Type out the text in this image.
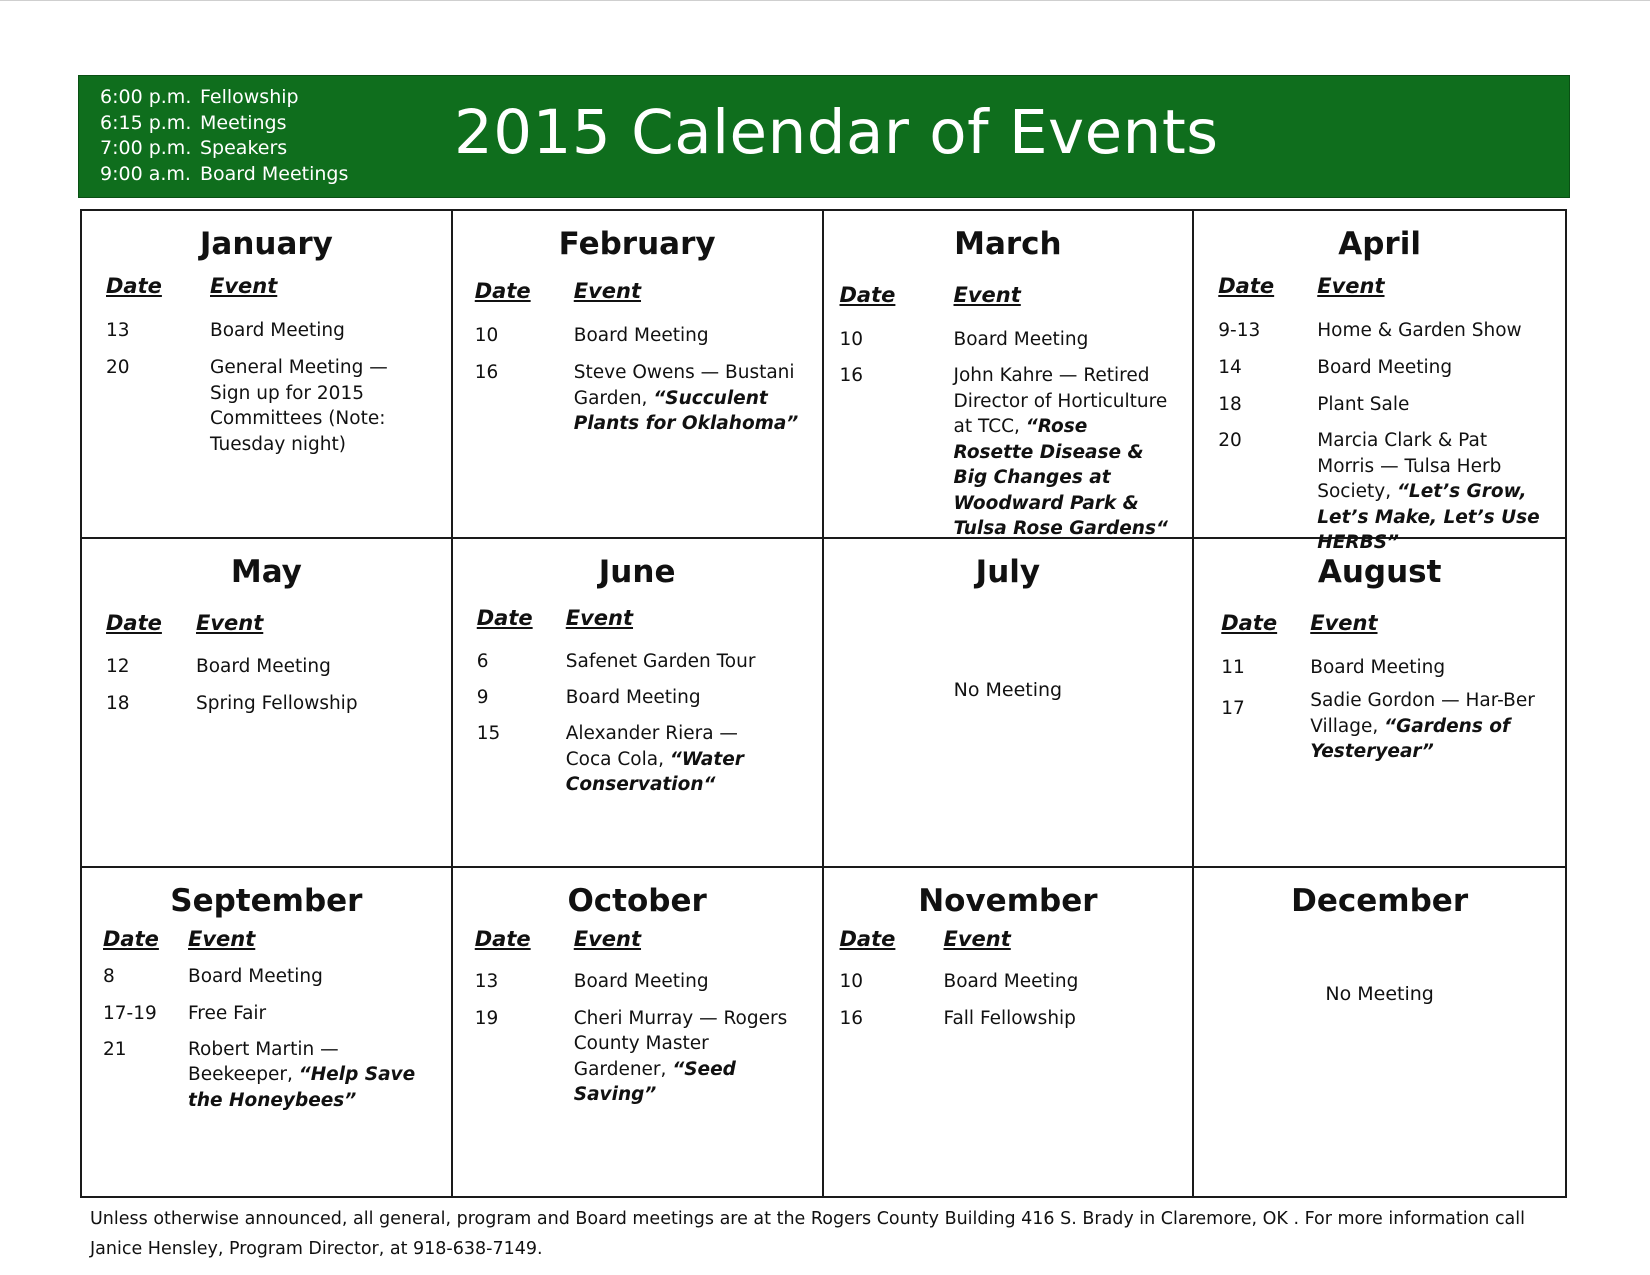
6:00 p.m. Fellowship
6:15 p.m. Meetings
7:00 p.m. Speakers
9:00 a.m. Board Meetings
2015 Calendar of Events
January
Date Event
13	Board Meeting
20	General Meeting — Sign up for 2015 Committees (Note: Tuesday night)
February
Date Event
10	Board Meeting
16	Steve Owens — Bustani Garden, “Succulent Plants for Oklahoma”
March
Date	Event
10	Board Meeting
16	John Kahre — Retired Director of Horticulture at TCC, “Rose Rosette Disease & Big Changes at Woodward Park & Tulsa Rose Gardens“
April
Date Event
9-13	Home & Garden Show
14	Board Meeting
18	Plant Sale
20	Marcia Clark & Pat Morris — Tulsa Herb Society, “Let’s Grow, Let’s Make, Let’s Use HERBS”
May
Date Event
12	Board Meeting
18	Spring Fellowship
June
Date Event
6	Safenet Garden Tour
9	Board Meeting
15	Alexander Riera — Coca Cola, “Water Conservation“
July
No Meeting
August
Date Event
11	Board Meeting
17	Sadie Gordon — Har-Ber Village, “Gardens of Yesteryear”
September
Date Event
8	Board Meeting
17-19 Free Fair
21	Robert Martin — Beekeeper, “Help Save the Honeybees”
October
Date Event
13	Board Meeting
19	Cheri Murray — Rogers County Master Gardener, “Seed Saving”
November
Date Event
10	Board Meeting
16	Fall Fellowship
December
No Meeting
Unless otherwise announced, all general, program and Board meetings are at the Rogers County Building 416 S. Brady in Claremore, OK . For more information call Janice Hensley, Program Director, at 918-638-7149.
